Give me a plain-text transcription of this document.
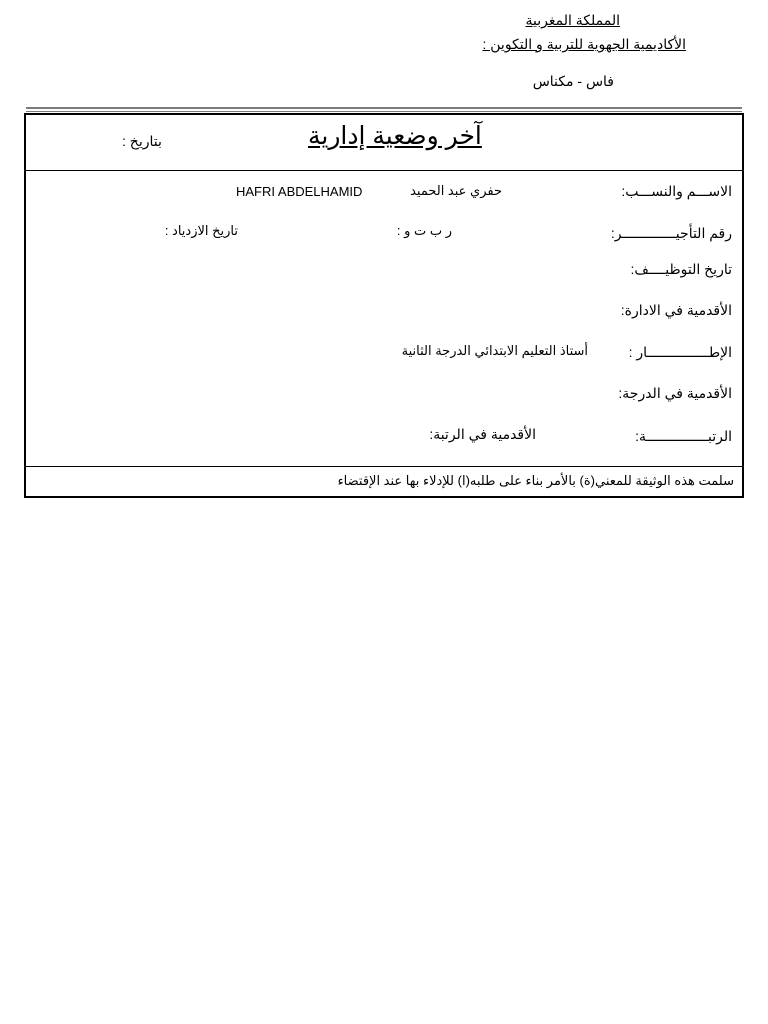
المملكة المغربية
الأكاديمية الجهوية للتربية و التكوين :
فاس - مكناس
آخر وضعية إدارية
بتاريخ :
الاســـم والنســـب:
حفري عبد الحميد
HAFRI ABDELHAMID
رقم التأجيـــــــــــــر:
ر ب ت و :
تاريخ الازدياد :
تاريخ التوظيــــف:
الأقدمية في الادارة:
الإطـــــــــــــــار :
أستاذ التعليم الابتدائي الدرجة الثانية
الأقدمية في الدرجة:
الرتبـــــــــــــــة:
الأقدمية في الرتبة:
سلمت هذه الوثيقة للمعني(ة) بالأمر بناء على طلبه(ا) للإدلاء بها عند الإقتضاء
